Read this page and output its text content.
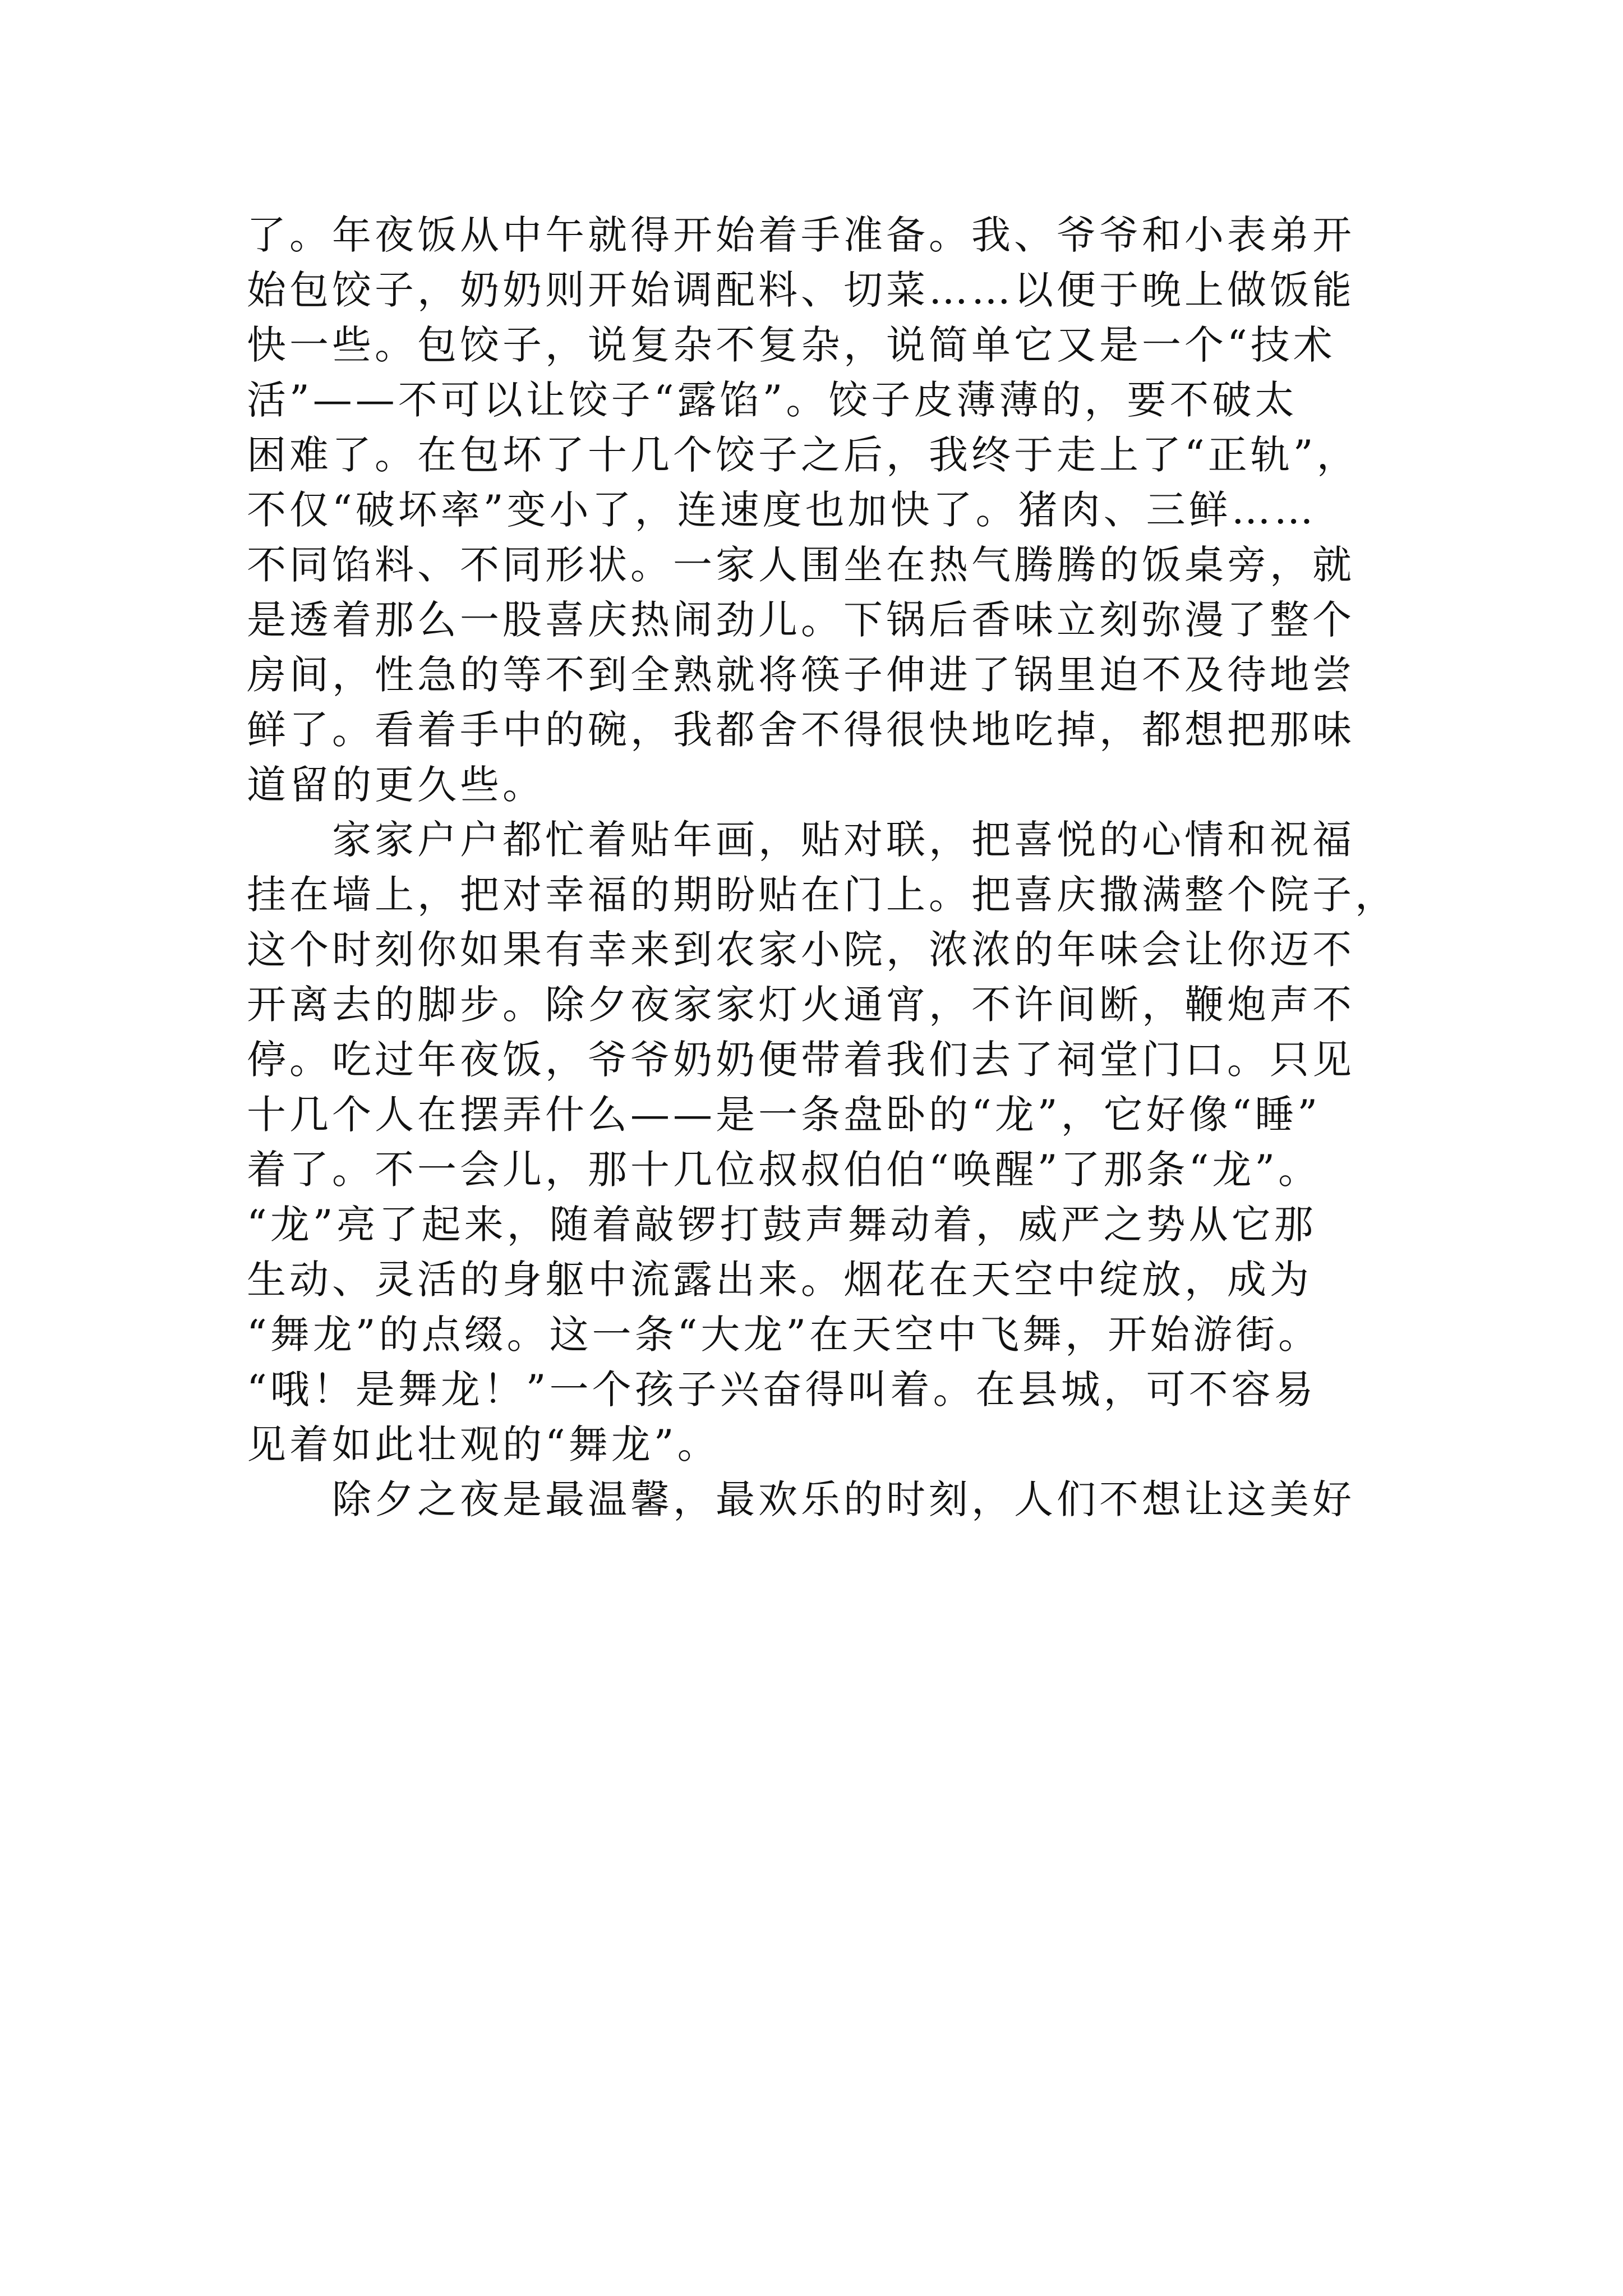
了。年夜饭从中午就得开始着手准备。我、爷爷和小表弟开
始包饺子，奶奶则开始调配料、切菜……以便于晚上做饭能
快一些。包饺子，说复杂不复杂，说简单它又是一个“技术
活”——不可以让饺子“露馅”。饺子皮薄薄的，要不破太
困难了。在包坏了十几个饺子之后，我终于走上了“正轨”，
不仅“破坏率”变小了，连速度也加快了。猪肉、三鲜……
不同馅料、不同形状。一家人围坐在热气腾腾的饭桌旁，就
是透着那么一股喜庆热闹劲儿。下锅后香味立刻弥漫了整个
房间，性急的等不到全熟就将筷子伸进了锅里迫不及待地尝
鲜了。看着手中的碗，我都舍不得很快地吃掉，都想把那味
道留的更久些。
　　家家户户都忙着贴年画，贴对联，把喜悦的心情和祝福
挂在墙上，把对幸福的期盼贴在门上。把喜庆撒满整个院子，
这个时刻你如果有幸来到农家小院，浓浓的年味会让你迈不
开离去的脚步。除夕夜家家灯火通宵，不许间断，鞭炮声不
停。吃过年夜饭，爷爷奶奶便带着我们去了祠堂门口。只见
十几个人在摆弄什么——是一条盘卧的“龙”，它好像“睡”
着了。不一会儿，那十几位叔叔伯伯“唤醒”了那条“龙”。
“龙”亮了起来，随着敲锣打鼓声舞动着，威严之势从它那
生动、灵活的身躯中流露出来。烟花在天空中绽放，成为
“舞龙”的点缀。这一条“大龙”在天空中飞舞，开始游街。
“哦！是舞龙！”一个孩子兴奋得叫着。在县城，可不容易
见着如此壮观的“舞龙”。
　　除夕之夜是最温馨，最欢乐的时刻，人们不想让这美好
